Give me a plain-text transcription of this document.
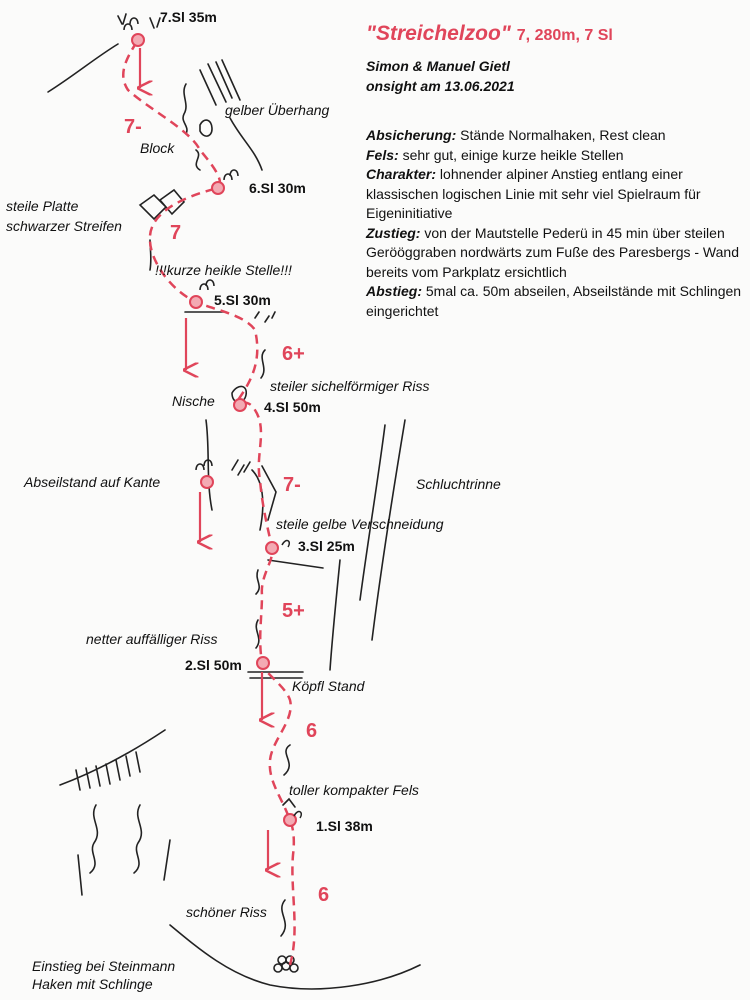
7.Sl 35m
6.Sl 30m
5.Sl 30m
4.Sl 50m
3.Sl 25m
2.Sl 50m
1.Sl 38m
7-
7
6+
7-
5+
6
6
gelber Überhang
Block
steile Platte
schwarzer Streifen
!!!kurze heikle Stelle!!!
steiler sichelförmiger Riss
Nische
Abseilstand auf Kante	Schluchtrinne
steile gelbe Verschneidung
netter auffälliger Riss
Köpfl Stand
toller kompakter Fels
schöner Riss
Einstieg bei Steinmann
Haken mit Schlinge
"Streichelzoo" 7, 280m, 7 Sl
Simon & Manuel Gietl
onsight am 13.06.2021

Absicherung: Stände Normalhaken, Rest clean

Fels: sehr gut, einige kurze heikle Stellen

Charakter: lohnender alpiner Anstieg entlang einer klassischen logischen Linie mit sehr viel Spielraum für Eigeninitiative

Zustieg: von der Mautstelle Pederü in 45 min über steilen Gerööggraben nordwärts zum Fuße des Paresbergs - Wand bereits vom Parkplatz ersichtlich

Abstieg: 5mal ca. 50m abseilen, Abseilstände mit Schlingen eingerichtet
